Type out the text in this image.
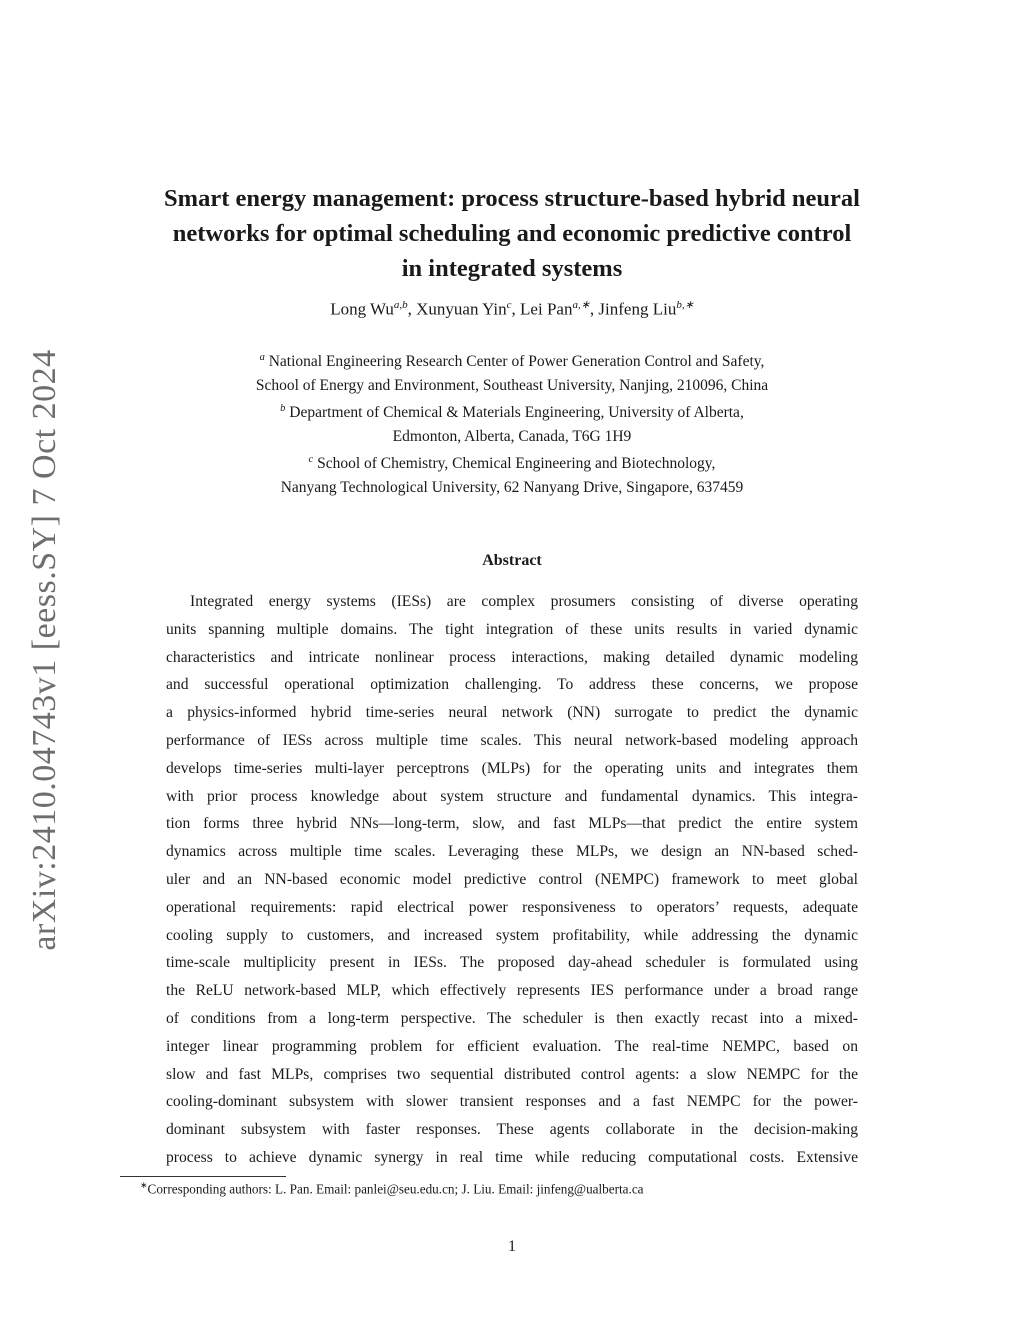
arXiv:2410.04743v1 [eess.SY] 7 Oct 2024
Smart energy management: process structure-based hybrid neural
networks for optimal scheduling and economic predictive control
in integrated systems
Long Wu$^{a,b}$, Xunyuan Yin$^c$, Lei Pan$^{a,∗}$, Jinfeng Liu$^{b,∗}$
$^a$ National Engineering Research Center of Power Generation Control and Safety,
School of Energy and Environment, Southeast University, Nanjing, 210096, China
$^b$ Department of Chemical & Materials Engineering, University of Alberta,
Edmonton, Alberta, Canada, T6G 1H9
$^c$ School of Chemistry, Chemical Engineering and Biotechnology,
Nanyang Technological University, 62 Nanyang Drive, Singapore, 637459
Abstract
Integrated energy systems (IESs) are complex prosumers consisting of diverse operating
units spanning multiple domains. The tight integration of these units results in varied dynamic
characteristics and intricate nonlinear process interactions, making detailed dynamic modeling
and successful operational optimization challenging. To address these concerns, we propose
a physics-informed hybrid time-series neural network (NN) surrogate to predict the dynamic
performance of IESs across multiple time scales. This neural network-based modeling approach
develops time-series multi-layer perceptrons (MLPs) for the operating units and integrates them
with prior process knowledge about system structure and fundamental dynamics. This integra-
tion forms three hybrid NNs—long-term, slow, and fast MLPs—that predict the entire system
dynamics across multiple time scales. Leveraging these MLPs, we design an NN-based sched-
uler and an NN-based economic model predictive control (NEMPC) framework to meet global
operational requirements: rapid electrical power responsiveness to operators’ requests, adequate
cooling supply to customers, and increased system profitability, while addressing the dynamic
time-scale multiplicity present in IESs. The proposed day-ahead scheduler is formulated using
the ReLU network-based MLP, which effectively represents IES performance under a broad range
of conditions from a long-term perspective. The scheduler is then exactly recast into a mixed-
integer linear programming problem for efficient evaluation. The real-time NEMPC, based on
slow and fast MLPs, comprises two sequential distributed control agents: a slow NEMPC for the
cooling-dominant subsystem with slower transient responses and a fast NEMPC for the power-
dominant subsystem with faster responses. These agents collaborate in the decision-making
process to achieve dynamic synergy in real time while reducing computational costs. Extensive
∗Corresponding authors: L. Pan. Email: panlei@seu.edu.cn; J. Liu. Email: jinfeng@ualberta.ca
1
